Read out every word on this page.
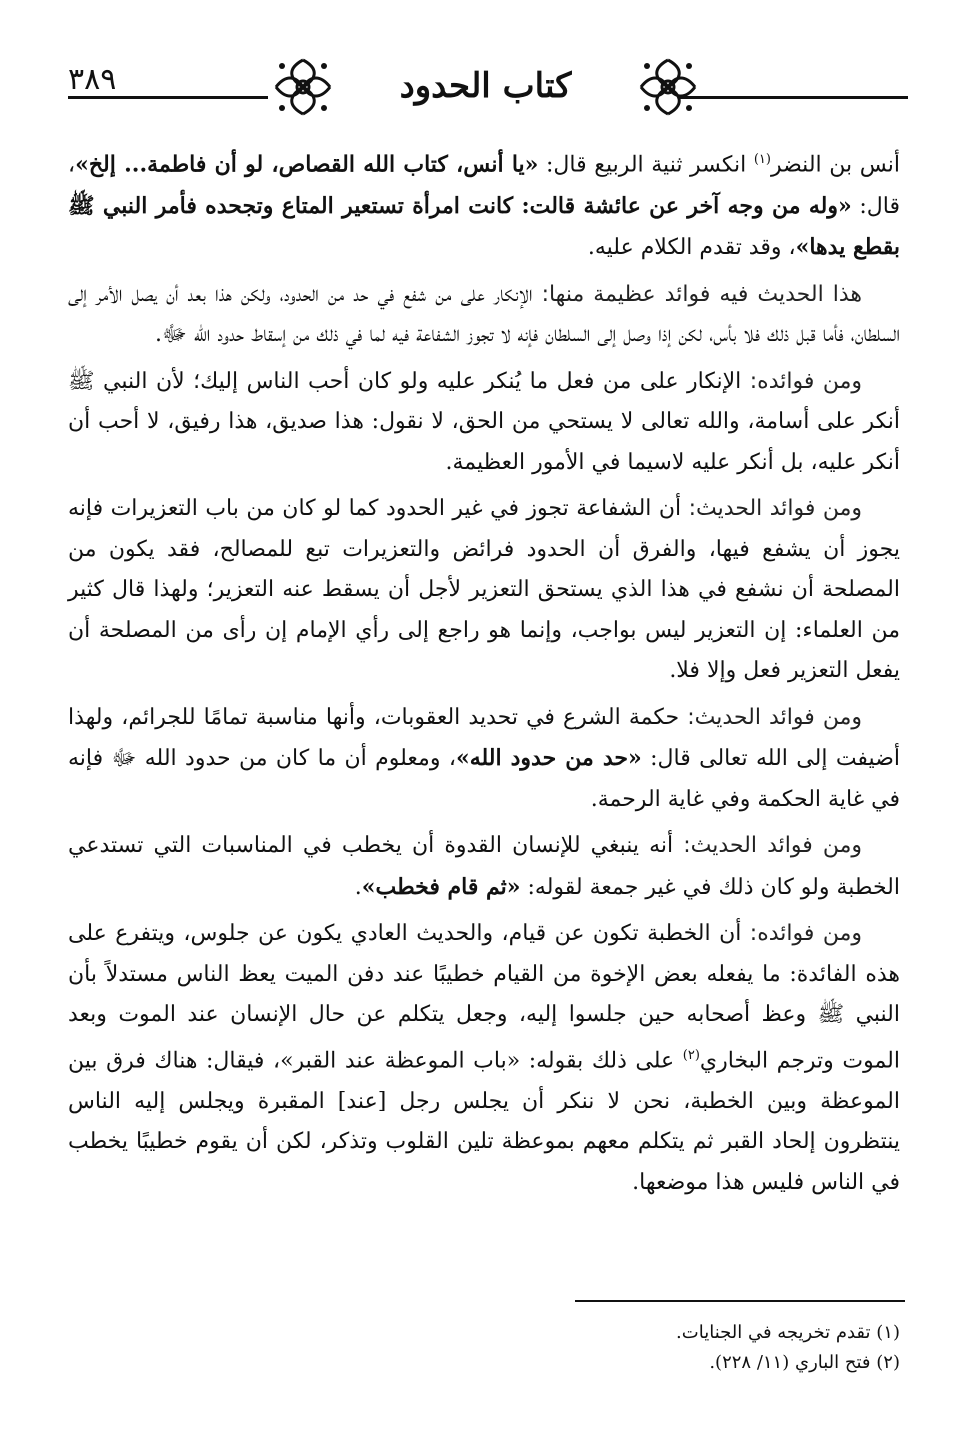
٣٨٩	كتاب الحدود

أنس بن النضر$^{(١)}$ انكسر ثنية الربيع قال: «يا أنس، كتاب الله القصاص، لو أن فاطمة... إلخ»، قال: «وله من وجه آخر عن عائشة قالت: كانت امرأة تستعير المتاع وتجحده فأمر النبي ﷺ بقطع يدها»، وقد تقدم الكلام عليه.

هذا الحديث فيه فوائد عظيمة منها: الإنكار على من شفع في حد من الحدود، ولكن هذا بعد أن يصل الأمر إلى السلطان، فأما قبل ذلك فلا بأس، لكن إذا وصل إلى السلطان فإنه لا تجوز الشفاعة فيه لما في ذلك من إسقاط حدود الله ﷻ.

ومن فوائده: الإنكار على من فعل ما يُنكر عليه ولو كان أحب الناس إليك؛ لأن النبي ﷺ أنكر على أسامة، والله تعالى لا يستحي من الحق، لا نقول: هذا صديق، هذا رفيق، لا أحب أن أنكر عليه، بل أنكر عليه لاسيما في الأمور العظيمة.

ومن فوائد الحديث: أن الشفاعة تجوز في غير الحدود كما لو كان من باب التعزيرات فإنه يجوز أن يشفع فيها، والفرق أن الحدود فرائض والتعزيرات تبع للمصالح، فقد يكون من المصلحة أن نشفع في هذا الذي يستحق التعزير لأجل أن يسقط عنه التعزير؛ ولهذا قال كثير من العلماء: إن التعزير ليس بواجب، وإنما هو راجع إلى رأي الإمام إن رأى من المصلحة أن يفعل التعزير فعل وإلا فلا.

ومن فوائد الحديث: حكمة الشرع في تحديد العقوبات، وأنها مناسبة تمامًا للجرائم، ولهذا أضيفت إلى الله تعالى قال: «حد من حدود الله»، ومعلوم أن ما كان من حدود الله ﷻ فإنه في غاية الحكمة وفي غاية الرحمة.

ومن فوائد الحديث: أنه ينبغي للإنسان القدوة أن يخطب في المناسبات التي تستدعي الخطبة ولو كان ذلك في غير جمعة لقوله: «ثم قام فخطب».

ومن فوائده: أن الخطبة تكون عن قيام، والحديث العادي يكون عن جلوس، ويتفرع على هذه الفائدة: ما يفعله بعض الإخوة من القيام خطيبًا عند دفن الميت يعظ الناس مستدلاً بأن النبي ﷺ وعظ أصحابه حين جلسوا إليه، وجعل يتكلم عن حال الإنسان عند الموت وبعد الموت وترجم البخاري$^{(٢)}$ على ذلك بقوله: «باب الموعظة عند القبر»، فيقال: هناك فرق بين الموعظة وبين الخطبة، نحن لا ننكر أن يجلس رجل [عند] المقبرة ويجلس إليه الناس ينتظرون إلحاد القبر ثم يتكلم معهم بموعظة تلين القلوب وتذكر، لكن أن يقوم خطيبًا يخطب في الناس فليس هذا موضعها.

(١) تقدم تخريجه في الجنايات.
(٢) فتح الباري (١١/ ٢٢٨).
